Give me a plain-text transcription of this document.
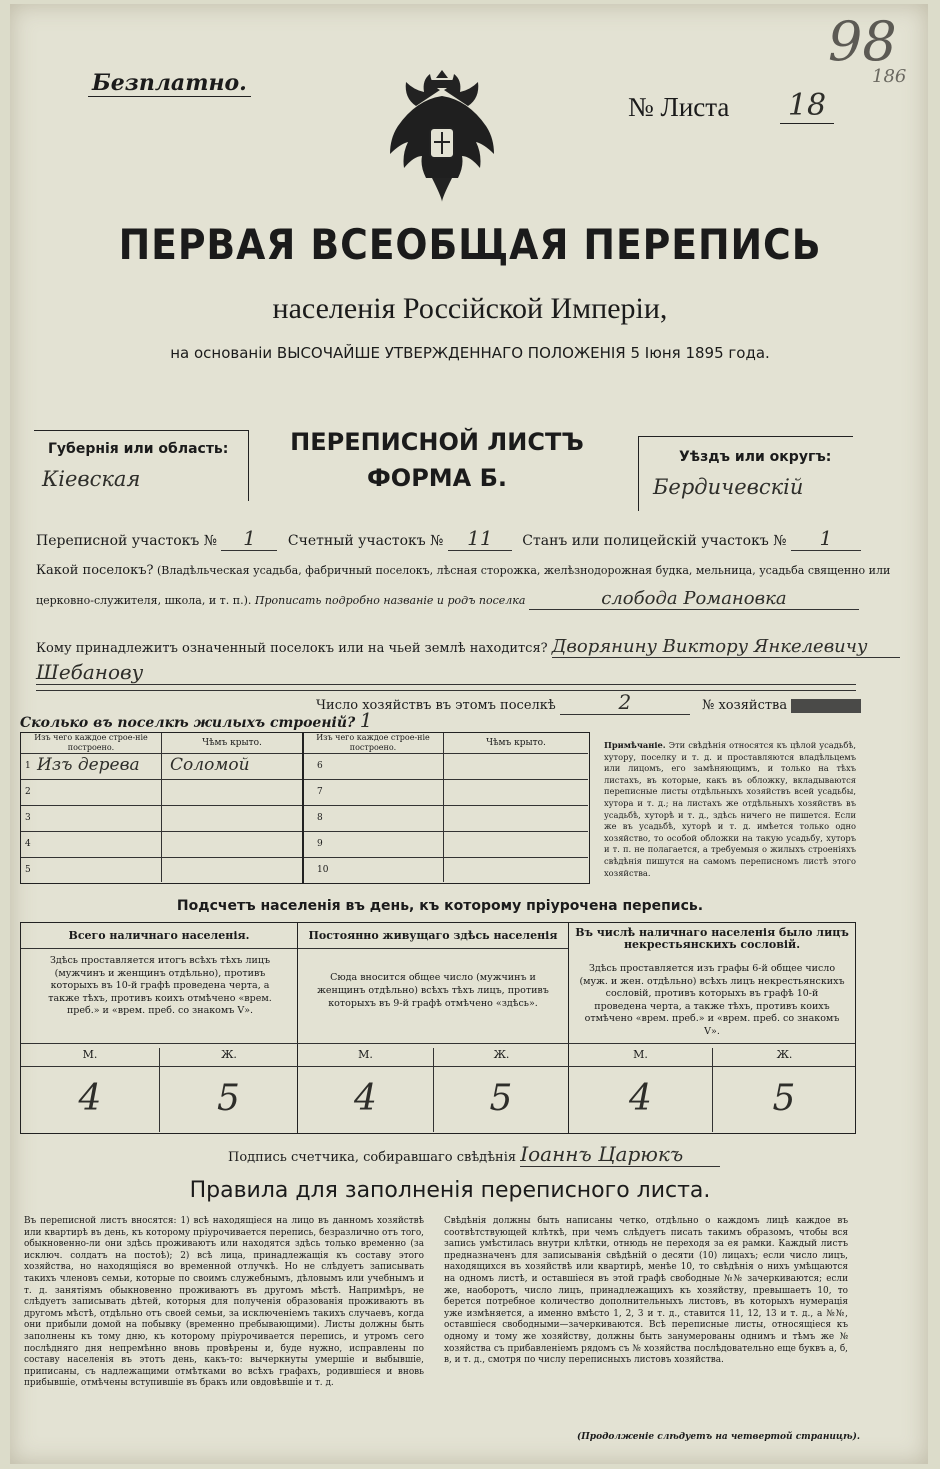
Безплатно.
№ Листа 18
98
186
ПЕРВАЯ ВСЕОБЩАЯ ПЕРЕПИСЬ
населенія Россійской Имперіи,
на основаніи ВЫСОЧАЙШЕ УТВЕРЖДЕННАГО ПОЛОЖЕНІЯ 5 Іюня 1895 года.
Губернія или область:
Кіевская
ПЕРЕПИСНОЙ ЛИСТЪ
ФОРМА Б.
Уѣздъ или округъ:
Бердичевскій
Переписной участокъ № 1 Счетный участокъ № 11 Станъ или полицейскій участокъ № 1
Какой поселокъ? (Владѣльческая усадьба, фабричный поселокъ, лѣсная сторожка, желѣзнодорожная будка, мельница, усадьба священно или
церковно-служителя, школа, и т. п.). Прописать подробно названіе и родъ поселка	слобода Романовка
Кому принадлежитъ означенный поселокъ или на чьей землѣ находится? Дворянину Виктору Янкелевичу
Шебанову
Число хозяйствъ въ этомъ поселкѣ	2	№ хозяйства
Сколько въ поселкѣ жилыхъ строеній? 1
Изъ чего каждое строе-ніе построено.	Чѣмъ крыто.
Изъ чего каждое строе-ніе построено.	Чѣмъ крыто.
1 Изъ дерева Соломой
2
3
4
5
6
7
8
9
10
Примѣчаніе. Эти свѣдѣнія относятся къ цѣлой усадьбѣ, хутору, поселку и т. д. и проставляются владѣльцемъ или лицомъ, его замѣняющимъ, и только на тѣхъ листахъ, въ которые, какъ въ обложку, вкладываются переписные листы отдѣльныхъ хозяйствъ всей усадьбы, хутора и т. д.; на листахъ же отдѣльныхъ хозяйствъ въ усадьбѣ, хуторѣ и т. д., здѣсь ничего не пишется. Если же въ усадьбѣ, хуторѣ и т. д. имѣется только одно хозяйство, то особой обложки на такую усадьбу, хуторъ и т. п. не полагается, а требуемыя о жилыхъ строеніяхъ свѣдѣнія пишутся на самомъ переписномъ листѣ этого хозяйства.
Подсчетъ населенія въ день, къ которому пріурочена перепись.
Всего наличнаго населенія.
Здѣсь проставляется итогъ всѣхъ тѣхъ лицъ (мужчинъ и женщинъ отдѣльно), противъ которыхъ въ 10-й графѣ проведена черта, а также тѣхъ, противъ коихъ отмѣчено «врем. преб.» и «врем. преб. со знакомъ V».
Постоянно живущаго здѣсь населенія
Сюда вносится общее число (мужчинъ и женщинъ отдѣльно) всѣхъ тѣхъ лицъ, противъ которыхъ въ 9-й графѣ отмѣчено «здѣсь».
Въ числѣ наличнаго населенія было лицъ некрестьянскихъ сословій.
Здѣсь проставляется изъ графы 6-й общее число (муж. и жен. отдѣльно) всѣхъ лицъ некрестьянскихъ сословій, противъ которыхъ въ графѣ 10-й проведена черта, а также тѣхъ, противъ коихъ отмѣчено «врем. преб.» и «врем. преб. со знакомъ V».
М.	Ж.	М.	Ж.	М.	Ж.
4	5	4	5	4	5
Подпись счетчика, собиравшаго свѣдѣнія Іоаннъ Царюкъ
Правила для заполненія переписного листа.
Въ переписной листъ вносятся: 1) всѣ находящіеся на лицо въ данномъ хозяйствѣ или квартирѣ въ день, къ которому пріурочивается перепись, безразлично отъ того, обыкновенно-ли они здѣсь проживаютъ или находятся здѣсь только временно (за исключ. солдатъ на постоѣ); 2) всѣ лица, принадлежащія къ составу этого хозяйства, но находящіяся во временной отлучкѣ. Но не слѣдуетъ записывать такихъ членовъ семьи, которые по своимъ служебнымъ, дѣловымъ или учебнымъ и т. д. занятіямъ обыкновенно проживаютъ въ другомъ мѣстѣ. Напримѣръ, не слѣдуетъ записывать дѣтей, которыя для полученія образованія проживаютъ въ другомъ мѣстѣ, отдѣльно отъ своей семьи, за исключеніемъ такихъ случаевъ, когда они прибыли домой на побывку (временно пребывающими). Листы должны быть заполнены къ тому дню, къ которому пріурочивается перепись, и утромъ сего послѣдняго дня непремѣнно вновь провѣрены и, буде нужно, исправлены по составу населенія въ этотъ день, какъ-то: вычеркнуты умершіе и выбывшіе, приписаны, съ надлежащими отмѣтками во всѣхъ графахъ, родившіеся и вновь прибывшіе, отмѣчены вступившіе въ бракъ или овдовѣвшіе и т. д.
Свѣдѣнія должны быть написаны четко, отдѣльно о каждомъ лицѣ каждое въ соотвѣтствующей клѣткѣ, при чемъ слѣдуетъ писать такимъ образомъ, чтобы вся запись умѣстилась внутри клѣтки, отнюдь не переходя за ея рамки. Каждый листъ предназначенъ для записыванія свѣдѣній о десяти (10) лицахъ; если число лицъ, находящихся въ хозяйствѣ или квартирѣ, менѣе 10, то свѣдѣнія о нихъ умѣщаются на одномъ листѣ, и оставшіеся въ этой графѣ свободные №№ зачеркиваются; если же, наоборотъ, число лицъ, принадлежащихъ къ хозяйству, превышаетъ 10, то берется потребное количество дополнительныхъ листовъ, въ которыхъ нумерація уже измѣняется, а именно вмѣсто 1, 2, 3 и т. д., ставится 11, 12, 13 и т. д., а №№, оставшіеся свободными—зачеркиваются. Всѣ переписные листы, относящіеся къ одному и тому же хозяйству, должны быть занумерованы однимъ и тѣмъ же № хозяйства съ прибавленіемъ рядомъ съ № хозяйства послѣдовательно еще буквъ а, б, в, и т. д., смотря по числу переписныхъ листовъ хозяйства.
(Продолженіе слѣдуетъ на четвертой страницѣ).
